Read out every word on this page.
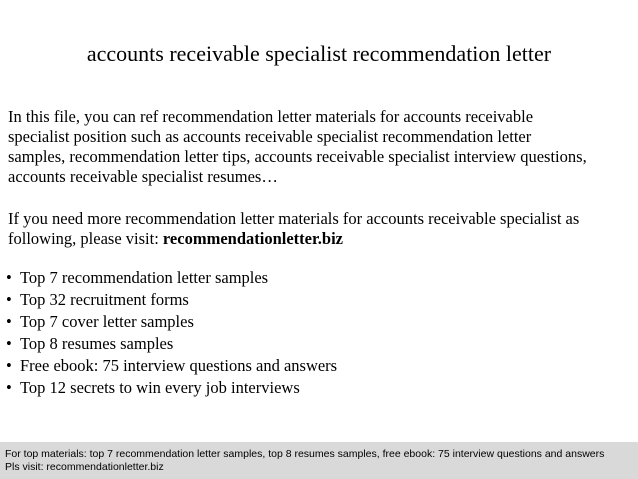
accounts receivable specialist recommendation letter
In this file, you can ref recommendation letter materials for accounts receivable
specialist position such as accounts receivable specialist recommendation letter
samples, recommendation letter tips, accounts receivable specialist interview questions,
accounts receivable specialist resumes…
If you need more recommendation letter materials for accounts receivable specialist as
following, please visit: recommendationletter.biz
• Top 7 recommendation letter samples
• Top 32 recruitment forms
• Top 7 cover letter samples
• Top 8 resumes samples
• Free ebook: 75 interview questions and answers
• Top 12 secrets to win every job interviews
For top materials: top 7 recommendation letter samples, top 8 resumes samples, free ebook: 75 interview questions and answers
Pls visit: recommendationletter.biz
